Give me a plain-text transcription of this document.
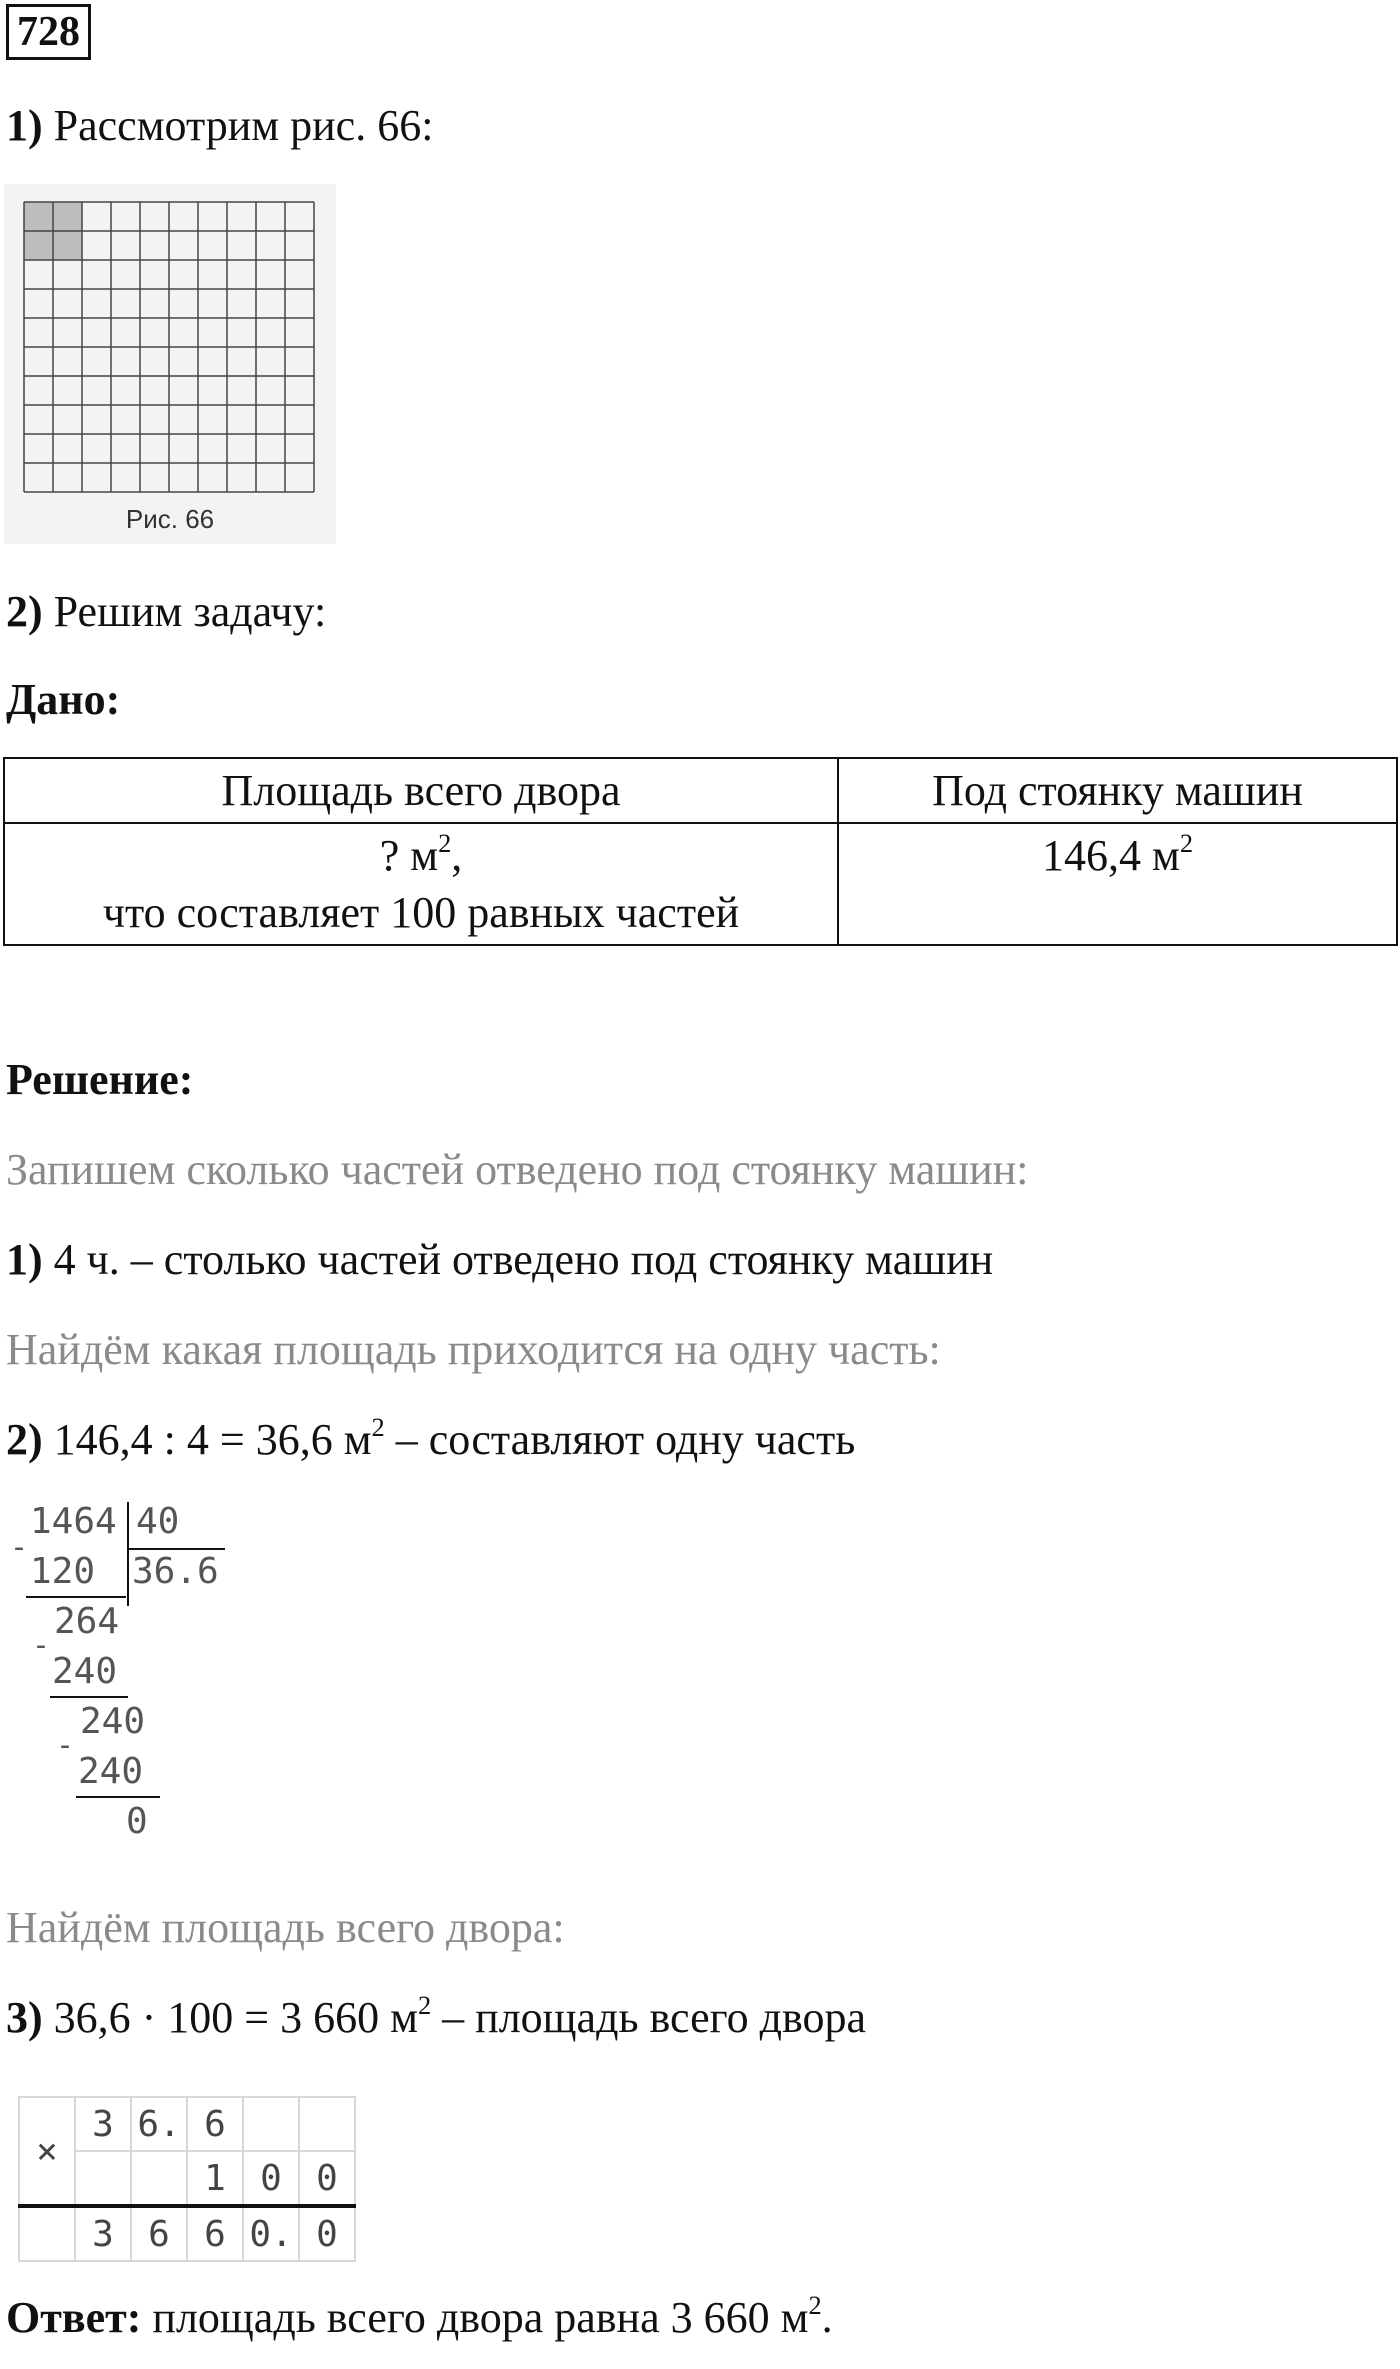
728
1) Рассмотрим рис. 66:
Рис. 66
2) Решим задачу:
Дано:
Площадь всего двора	Под стоянку машин
? $м^2$,
что составляет 100 равных частей	146,4 $м^2$
Решение:
Запишем сколько частей отведено под стоянку машин:
1) 4 ч. – столько частей отведено под стоянку машин
Найдём какая площадь приходится на одну часть:
2) 146,4 : 4 = 36,6 $м^2$ – составляют одну часть
1464 40
-
120 36.6
264
-
240
240
-
240
0
Найдём площадь всего двора:
3) 36,6 · 100 = 3 660 $м^2$ – площадь всего двора
×	3	6.	6		
			1	0	0
	3	6	6	0.	0
Ответ: площадь всего двора равна 3 660 $м^2$.
